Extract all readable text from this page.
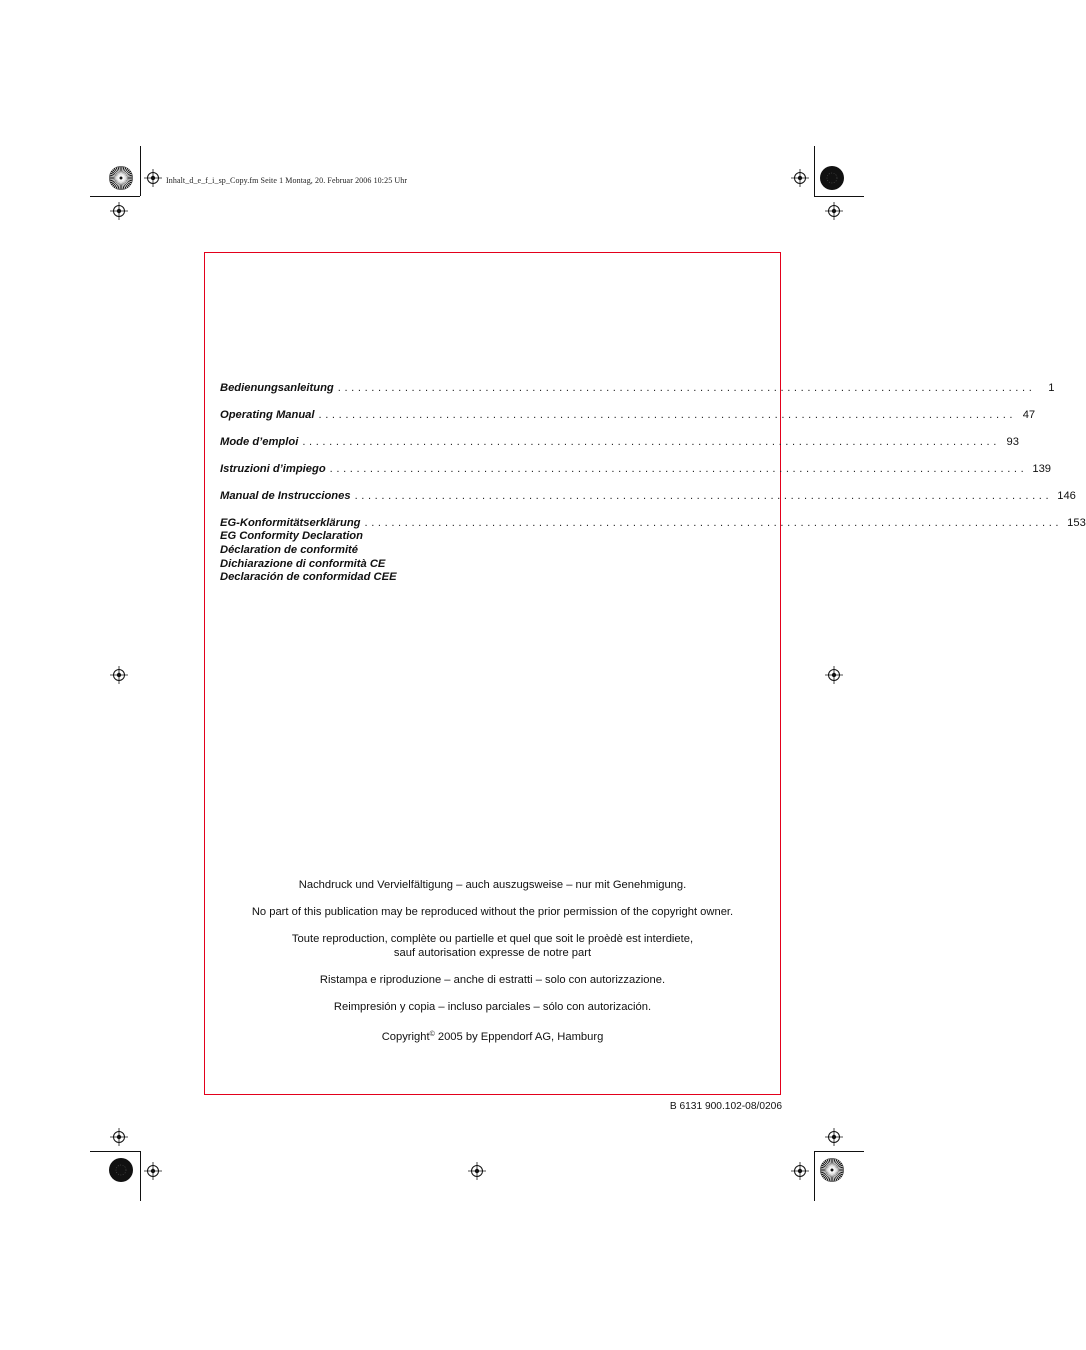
Inhalt_d_e_f_i_sp_Copy.fm Seite 1 Montag, 20. Februar 2006 10:25 Uhr
Bedienungsanleitung ........................................................................................................	1
Operating Manual ........................................................................................................ 47
Mode d’emploi ........................................................................................................ 93
Istruzioni d’impiego ........................................................................................................ 139
Manual de Instrucciones ........................................................................................................ 146
EG-Konformitätserklärung ........................................................................................................ 153
EG Conformity Declaration
Déclaration de conformité
Dichiarazione di conformità CE
Declaración de conformidad CEE

Nachdruck und Vervielfältigung – auch auszugsweise – nur mit Genehmigung.

No part of this publication may be reproduced without the prior permission of the copyright owner.

Toute reproduction, complète ou partielle et quel que soit le proèdè est interdiete,
sauf autorisation expresse de notre part

Ristampa e riproduzione – anche di estratti – solo con autorizzazione.

Reimpresión y copia – incluso parciales – sólo con autorización.

Copyright© 2005 by Eppendorf AG, Hamburg

B 6131 900.102-08/0206
